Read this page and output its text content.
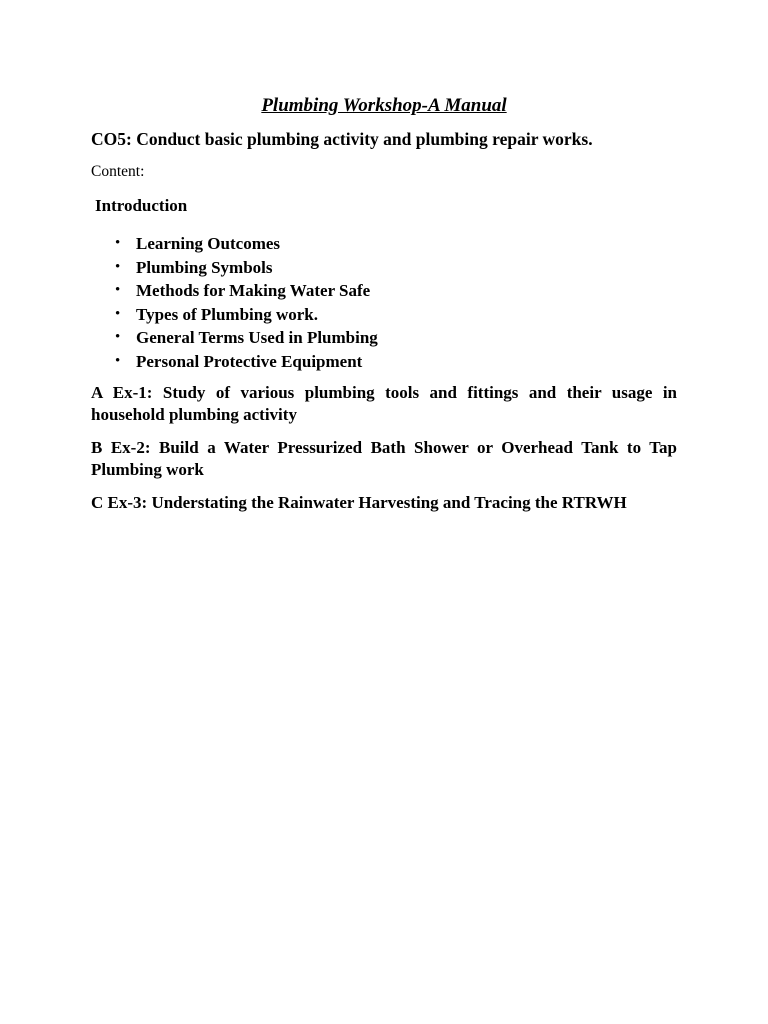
Plumbing Workshop-A Manual
CO5: Conduct basic plumbing activity and plumbing repair works.
Content:
Introduction
• Learning Outcomes
• Plumbing Symbols
• Methods for Making Water Safe
• Types of Plumbing work.
• General Terms Used in Plumbing
• Personal Protective Equipment
A Ex-1: Study of various plumbing tools and fittings and their usage in household plumbing activity
B Ex-2: Build a Water Pressurized Bath Shower or Overhead Tank to Tap Plumbing work
C Ex-3: Understating the Rainwater Harvesting and Tracing the RTRWH
